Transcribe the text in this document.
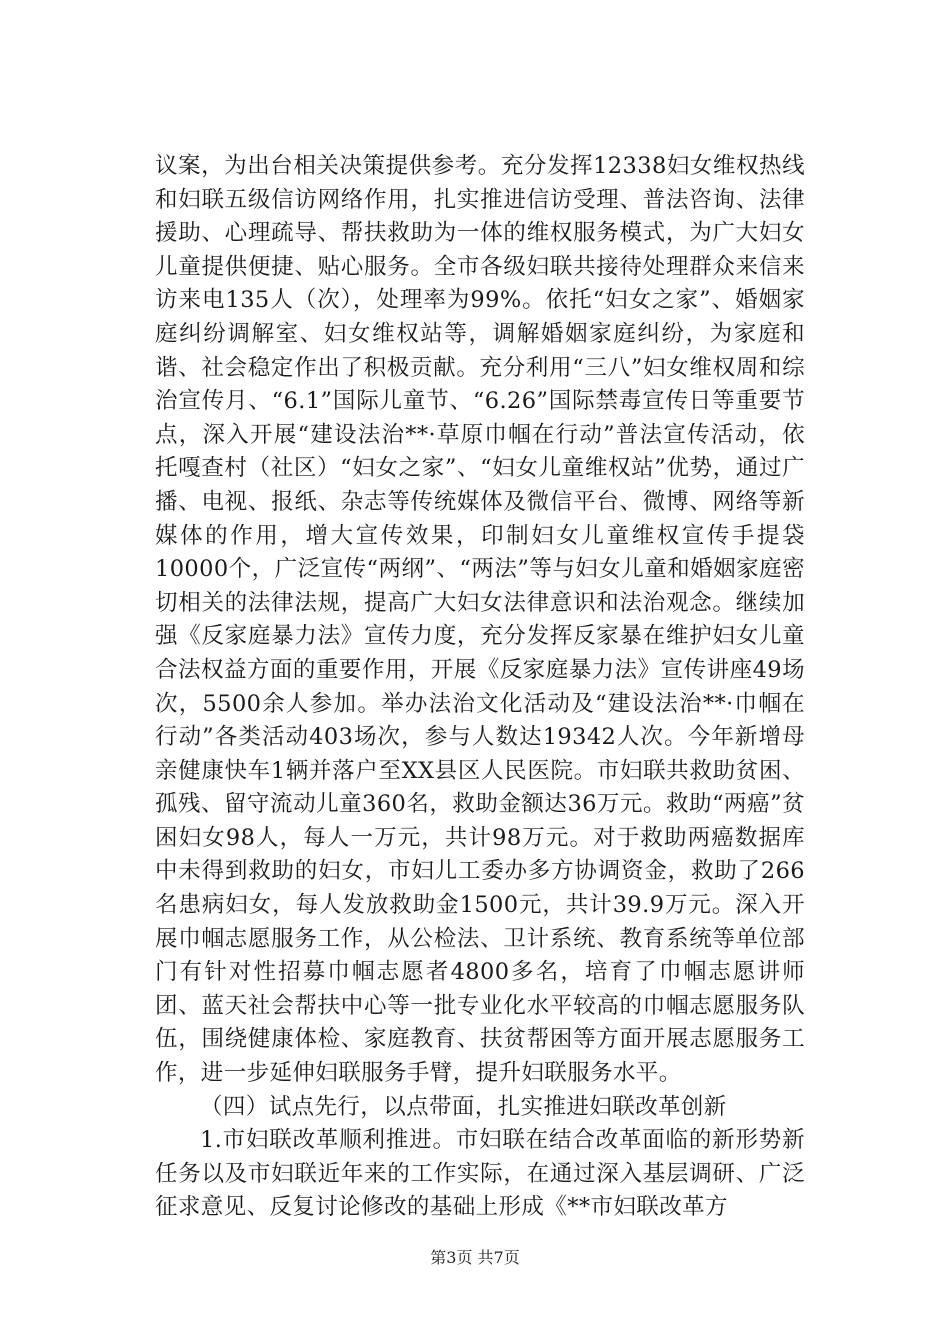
议案，为出台相关决策提供参考。充分发挥12338妇女维权热线和妇联五级信访网络作用，扎实推进信访受理、普法咨询、法律援助、心理疏导、帮扶救助为一体的维权服务模式，为广大妇女儿童提供便捷、贴心服务。全市各级妇联共接待处理群众来信来访来电135人（次），处理率为99%。依托“妇女之家”、婚姻家庭纠纷调解室、妇女维权站等，调解婚姻家庭纠纷，为家庭和谐、社会稳定作出了积极贡献。充分利用“三八”妇女维权周和综治宣传月、“6.1”国际儿童节、“6.26”国际禁毒宣传日等重要节点，深入开展“建设法治**·草原巾帼在行动”普法宣传活动，依托嘎查村（社区）“妇女之家”、“妇女儿童维权站”优势，通过广播、电视、报纸、杂志等传统媒体及微信平台、微博、网络等新媒体的作用，增大宣传效果，印制妇女儿童维权宣传手提袋10000个，广泛宣传“两纲”、“两法”等与妇女儿童和婚姻家庭密切相关的法律法规，提高广大妇女法律意识和法治观念。继续加强《反家庭暴力法》宣传力度，充分发挥反家暴在维护妇女儿童合法权益方面的重要作用，开展《反家庭暴力法》宣传讲座49场次，5500余人参加。举办法治文化活动及“建设法治**·巾帼在行动”各类活动403场次，参与人数达19342人次。今年新增母亲健康快车1辆并落户至XX县区人民医院。市妇联共救助贫困、孤残、留守流动儿童360名，救助金额达36万元。救助“两癌”贫困妇女98人，每人一万元，共计98万元。对于救助两癌数据库中未得到救助的妇女，市妇儿工委办多方协调资金，救助了266名患病妇女，每人发放救助金1500元，共计39.9万元。深入开展巾帼志愿服务工作，从公检法、卫计系统、教育系统等单位部门有针对性招募巾帼志愿者4800多名，培育了巾帼志愿讲师团、蓝天社会帮扶中心等一批专业化水平较高的巾帼志愿服务队伍，围绕健康体检、家庭教育、扶贫帮困等方面开展志愿服务工作，进一步延伸妇联服务手臂，提升妇联服务水平。

（四）试点先行，以点带面，扎实推进妇联改革创新

1.市妇联改革顺利推进。市妇联在结合改革面临的新形势新任务以及市妇联近年来的工作实际，在通过深入基层调研、广泛征求意见、反复讨论修改的基础上形成《**市妇联改革方

第3页 共7页
